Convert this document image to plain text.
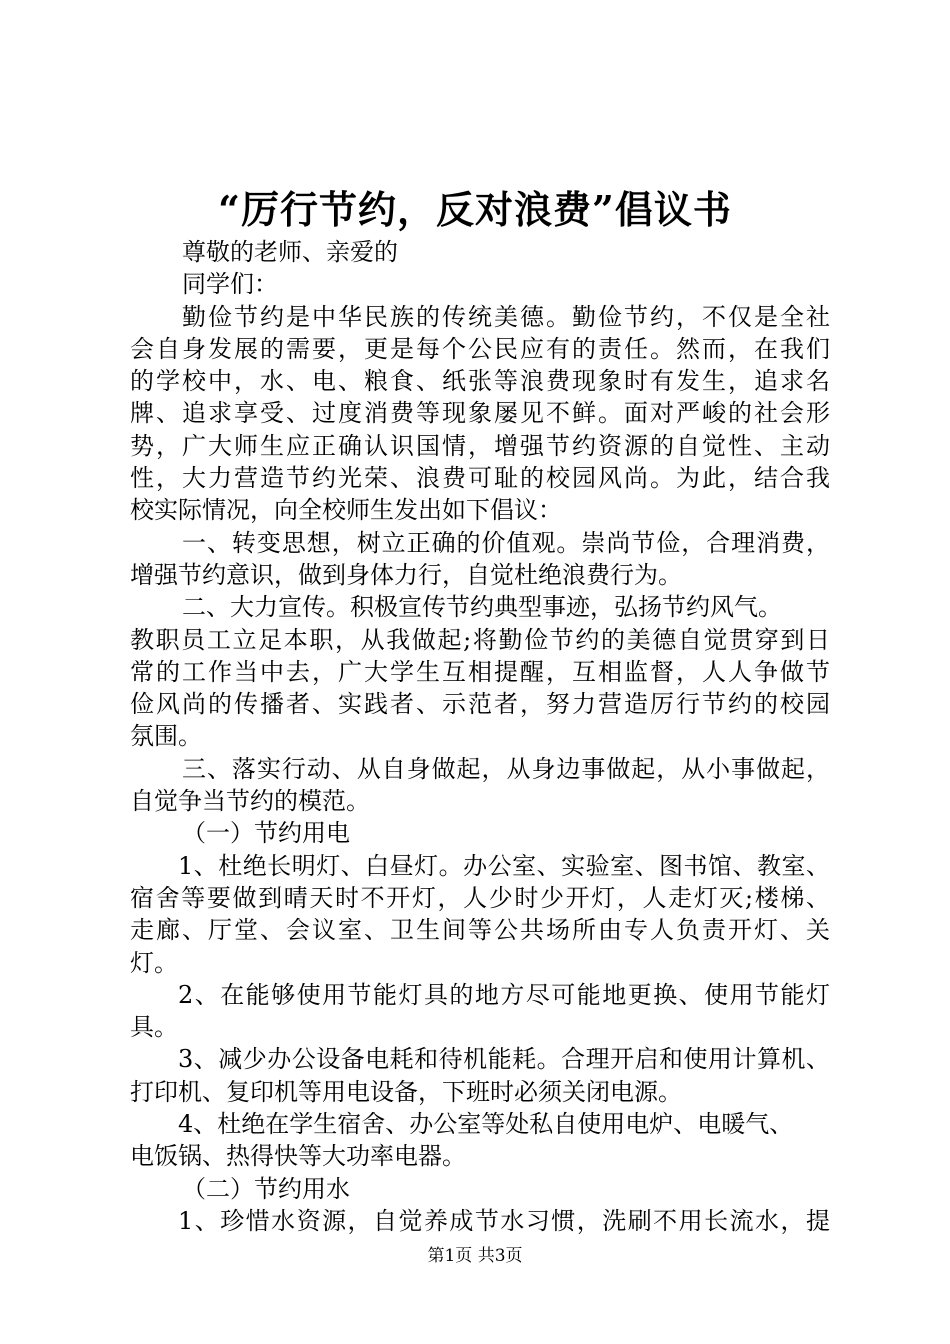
“厉行节约，反对浪费”倡议书
尊敬的老师、亲爱的
同学们：
勤俭节约是中华民族的传统美德。勤俭节约，不仅是全社
会自身发展的需要，更是每个公民应有的责任。然而，在我们
的学校中，水、电、粮食、纸张等浪费现象时有发生，追求名
牌、追求享受、过度消费等现象屡见不鲜。面对严峻的社会形
势，广大师生应正确认识国情，增强节约资源的自觉性、主动
性，大力营造节约光荣、浪费可耻的校园风尚。为此，结合我
校实际情况，向全校师生发出如下倡议：
一、转变思想，树立正确的价值观。崇尚节俭，合理消费，
增强节约意识，做到身体力行，自觉杜绝浪费行为。
二、大力宣传。积极宣传节约典型事迹，弘扬节约风气。
教职员工立足本职，从我做起;将勤俭节约的美德自觉贯穿到日
常的工作当中去，广大学生互相提醒，互相监督，人人争做节
俭风尚的传播者、实践者、示范者，努力营造厉行节约的校园
氛围。
三、落实行动、从自身做起，从身边事做起，从小事做起，
自觉争当节约的模范。
（一）节约用电
1、杜绝长明灯、白昼灯。办公室、实验室、图书馆、教室、
宿舍等要做到晴天时不开灯，人少时少开灯，人走灯灭;楼梯、
走廊、厅堂、会议室、卫生间等公共场所由专人负责开灯、关
灯。
2、在能够使用节能灯具的地方尽可能地更换、使用节能灯
具。
3、减少办公设备电耗和待机能耗。合理开启和使用计算机、
打印机、复印机等用电设备，下班时必须关闭电源。
4、杜绝在学生宿舍、办公室等处私自使用电炉、电暖气、
电饭锅、热得快等大功率电器。
（二）节约用水
1、珍惜水资源，自觉养成节水习惯，洗刷不用长流水，提
第1页 共3页
